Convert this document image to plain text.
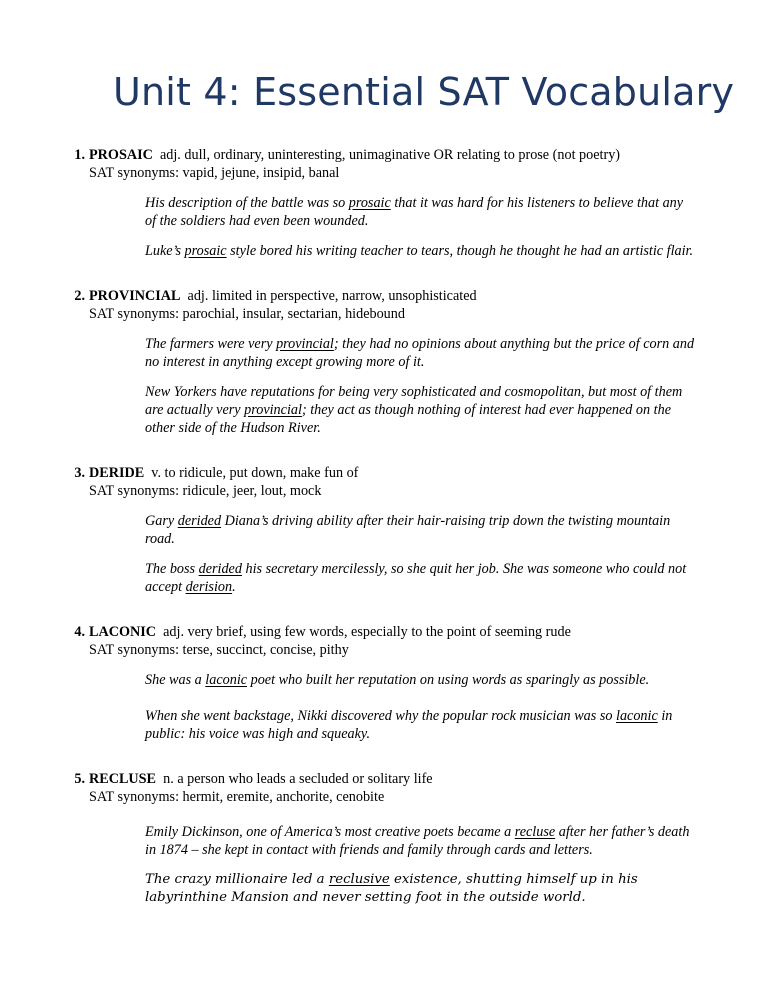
Unit 4: Essential SAT Vocabulary
1. PROSAIC adj. dull, ordinary, uninteresting, unimaginative OR relating to prose (not poetry)
SAT synonyms: vapid, jejune, insipid, banal

His description of the battle was so prosaic that it was hard for his listeners to believe that any of the soldiers had even been wounded.

Luke’s prosaic style bored his writing teacher to tears, though he thought he had an artistic flair.

2. PROVINCIAL adj. limited in perspective, narrow, unsophisticated
SAT synonyms: parochial, insular, sectarian, hidebound

The farmers were very provincial; they had no opinions about anything but the price of corn and no interest in anything except growing more of it.

New Yorkers have reputations for being very sophisticated and cosmopolitan, but most of them are actually very provincial; they act as though nothing of interest had ever happened on the other side of the Hudson River.

3. DERIDE v. to ridicule, put down, make fun of
SAT synonyms: ridicule, jeer, lout, mock

Gary derided Diana’s driving ability after their hair-raising trip down the twisting mountain road.

The boss derided his secretary mercilessly, so she quit her job. She was someone who could not accept derision.

4. LACONIC adj. very brief, using few words, especially to the point of seeming rude
SAT synonyms: terse, succinct, concise, pithy

She was a laconic poet who built her reputation on using words as sparingly as possible.

When she went backstage, Nikki discovered why the popular rock musician was so laconic in public: his voice was high and squeaky.

5. RECLUSE n. a person who leads a secluded or solitary life
SAT synonyms: hermit, eremite, anchorite, cenobite

Emily Dickinson, one of America’s most creative poets became a recluse after her father’s death in 1874 – she kept in contact with friends and family through cards and letters.

The crazy millionaire led a reclusive existence, shutting himself up in his labyrinthine Mansion and never setting foot in the outside world.
